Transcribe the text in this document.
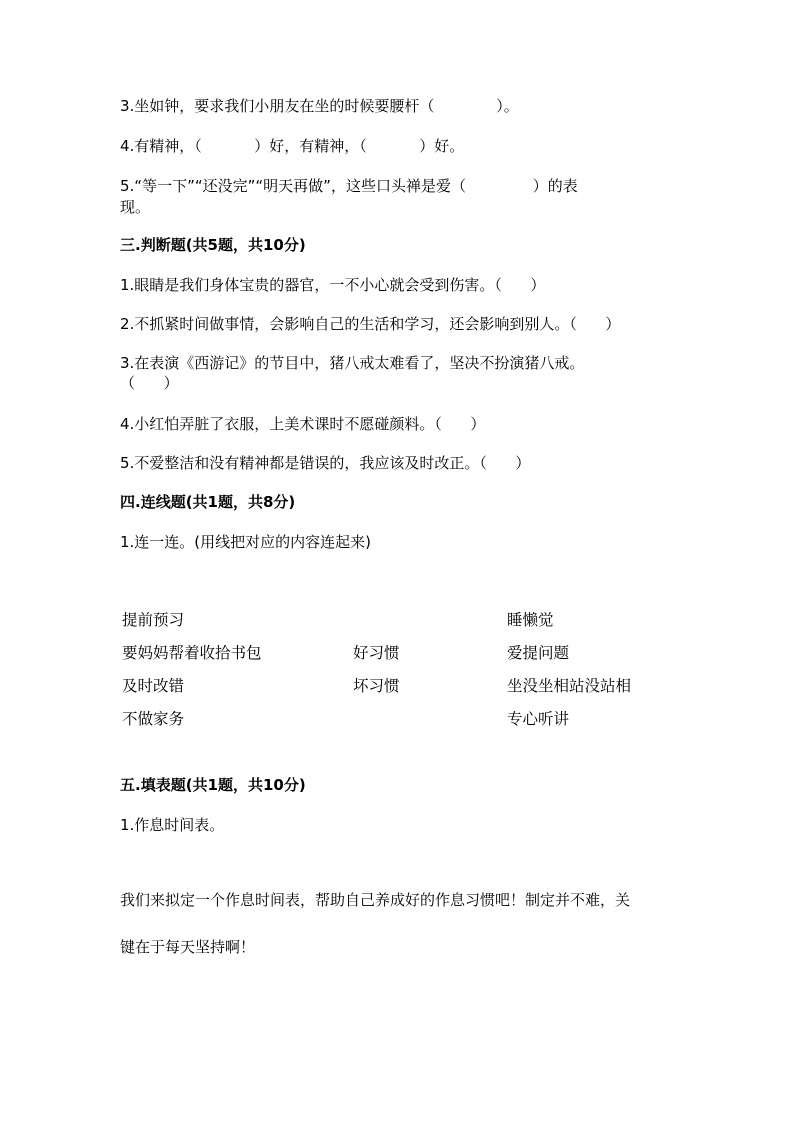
3.坐如钟，要求我们小朋友在坐的时候要腰杆（             ）。
4.有精神，（           ）好，有精神，（           ）好。
5.“等一下”“还没完”“明天再做”，这些口头禅是爱（              ）的表
现。
三.判断题(共5题，共10分)
1.眼睛是我们身体宝贵的器官，一不小心就会受到伤害。（      ）
2.不抓紧时间做事情，会影响自己的生活和学习，还会影响到别人。（      ）
3.在表演《西游记》的节目中，猪八戒太难看了，坚决不扮演猪八戒。
（      ）
4.小红怕弄脏了衣服，上美术课时不愿碰颜料。（      ）
5.不爱整洁和没有精神都是错误的，我应该及时改正。（      ）
四.连线题(共1题，共8分)
1.连一连。(用线把对应的内容连起来)
提前预习
要妈妈帮着收拾书包
及时改错
不做家务
好习惯
坏习惯
睡懒觉
爱提问题
坐没坐相站没站相
专心听讲
五.填表题(共1题，共10分)
1.作息时间表。
我们来拟定一个作息时间表，帮助自己养成好的作息习惯吧！制定并不难，关
键在于每天坚持啊！
